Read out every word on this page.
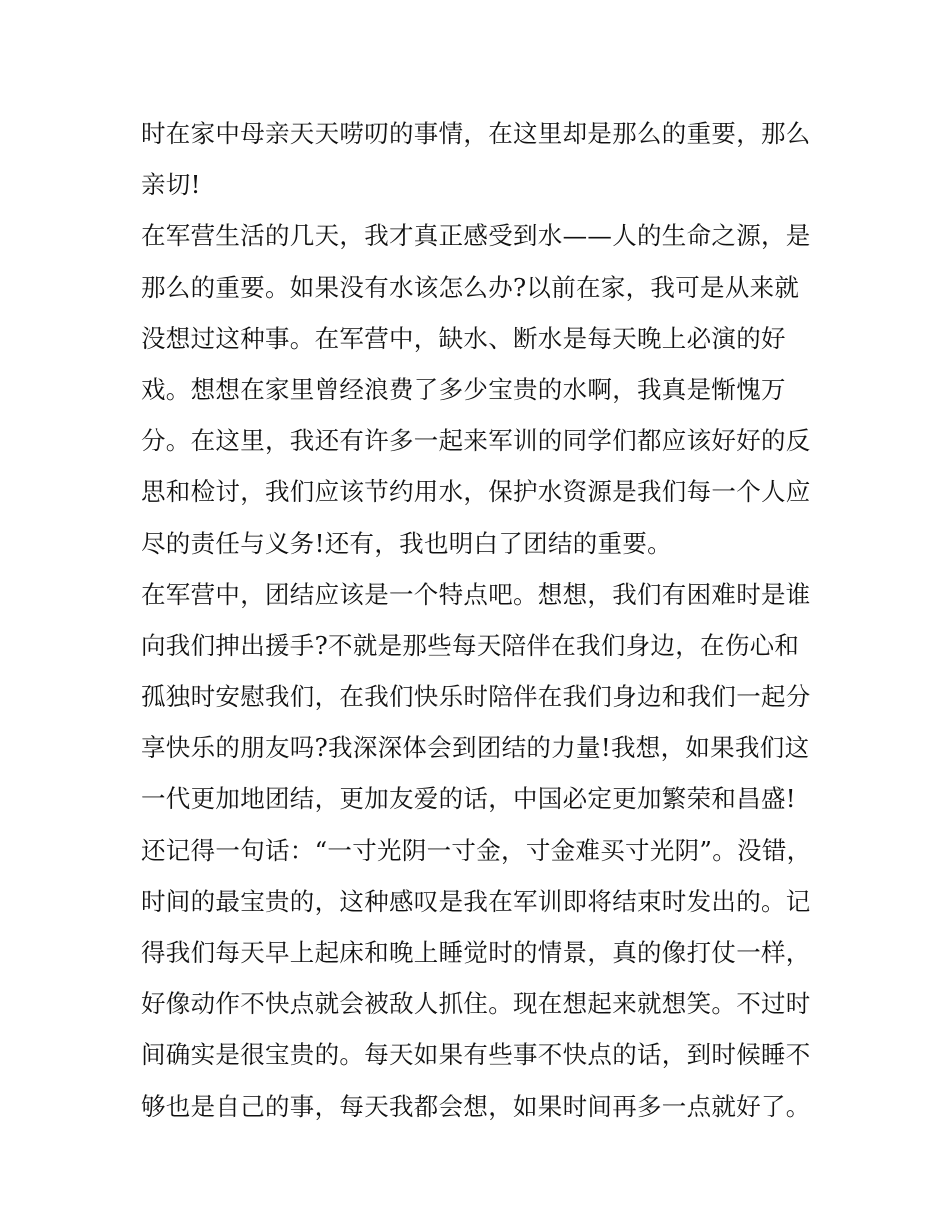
时在家中母亲天天唠叨的事情，在这里却是那么的重要，那么
亲切!
在军营生活的几天，我才真正感受到水——人的生命之源，是
那么的重要。如果没有水该怎么办?以前在家，我可是从来就
没想过这种事。在军营中，缺水、断水是每天晚上必演的好
戏。想想在家里曾经浪费了多少宝贵的水啊，我真是惭愧万
分。在这里，我还有许多一起来军训的同学们都应该好好的反
思和检讨，我们应该节约用水，保护水资源是我们每一个人应
尽的责任与义务!还有，我也明白了团结的重要。
在军营中，团结应该是一个特点吧。想想，我们有困难时是谁
向我们抻出援手?不就是那些每天陪伴在我们身边，在伤心和
孤独时安慰我们，在我们快乐时陪伴在我们身边和我们一起分
享快乐的朋友吗?我深深体会到团结的力量!我想，如果我们这
一代更加地团结，更加友爱的话，中国必定更加繁荣和昌盛!
还记得一句话：“一寸光阴一寸金，寸金难买寸光阴”。没错，
时间的最宝贵的，这种感叹是我在军训即将结束时发出的。记
得我们每天早上起床和晚上睡觉时的情景，真的像打仗一样，
好像动作不快点就会被敌人抓住。现在想起来就想笑。不过时
间确实是很宝贵的。每天如果有些事不快点的话，到时候睡不
够也是自己的事，每天我都会想，如果时间再多一点就好了。
